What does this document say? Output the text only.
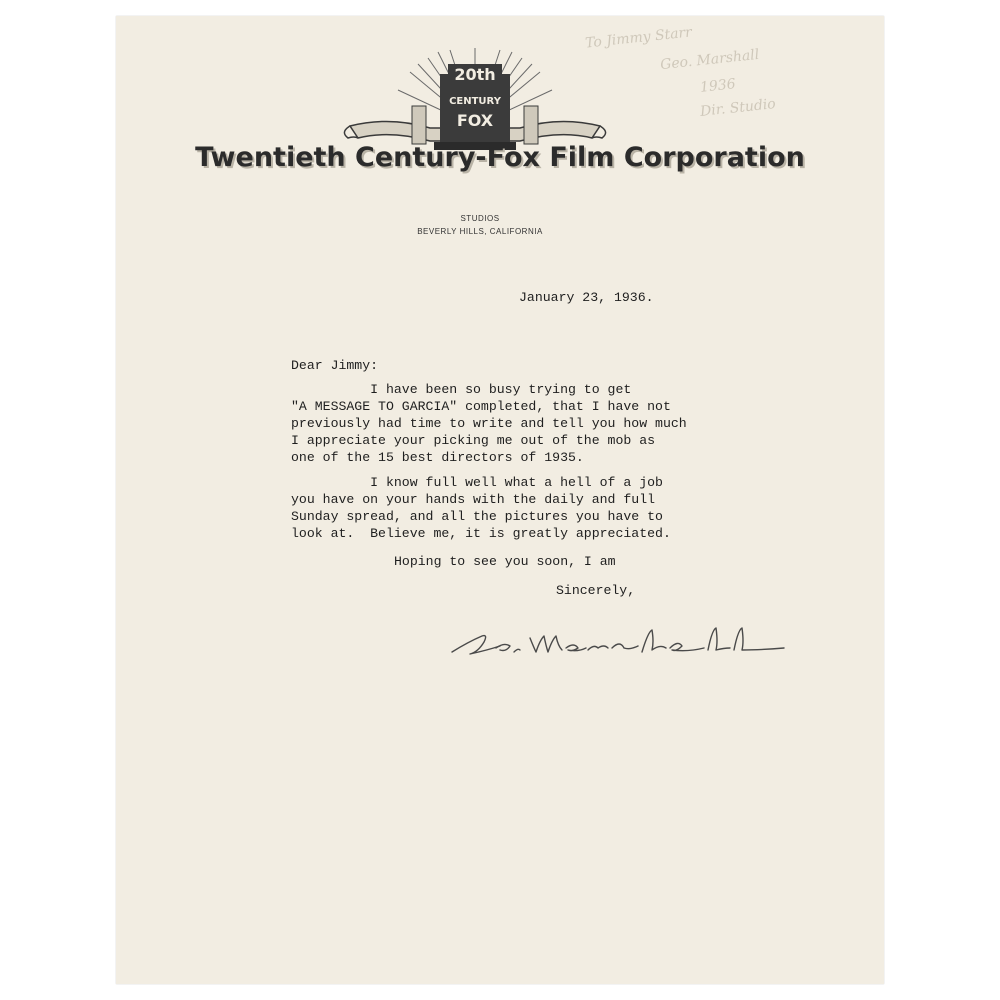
To Jimmy Starr
Geo. Marshall
1936
Dir. Studio
20th
CENTURY
FOX
Twentieth Century-Fox Film Corporation
STUDIOS
BEVERLY HILLS, CALIFORNIA
January 23, 1936.
Dear Jimmy:
I have been so busy trying to get
"A MESSAGE TO GARCIA" completed, that I have not
previously had time to write and tell you how much
I appreciate your picking me out of the mob as
one of the 15 best directors of 1935.
I know full well what a hell of a job
you have on your hands with the daily and full
Sunday spread, and all the pictures you have to
look at.  Believe me, it is greatly appreciated.
Hoping to see you soon, I am
Sincerely,
